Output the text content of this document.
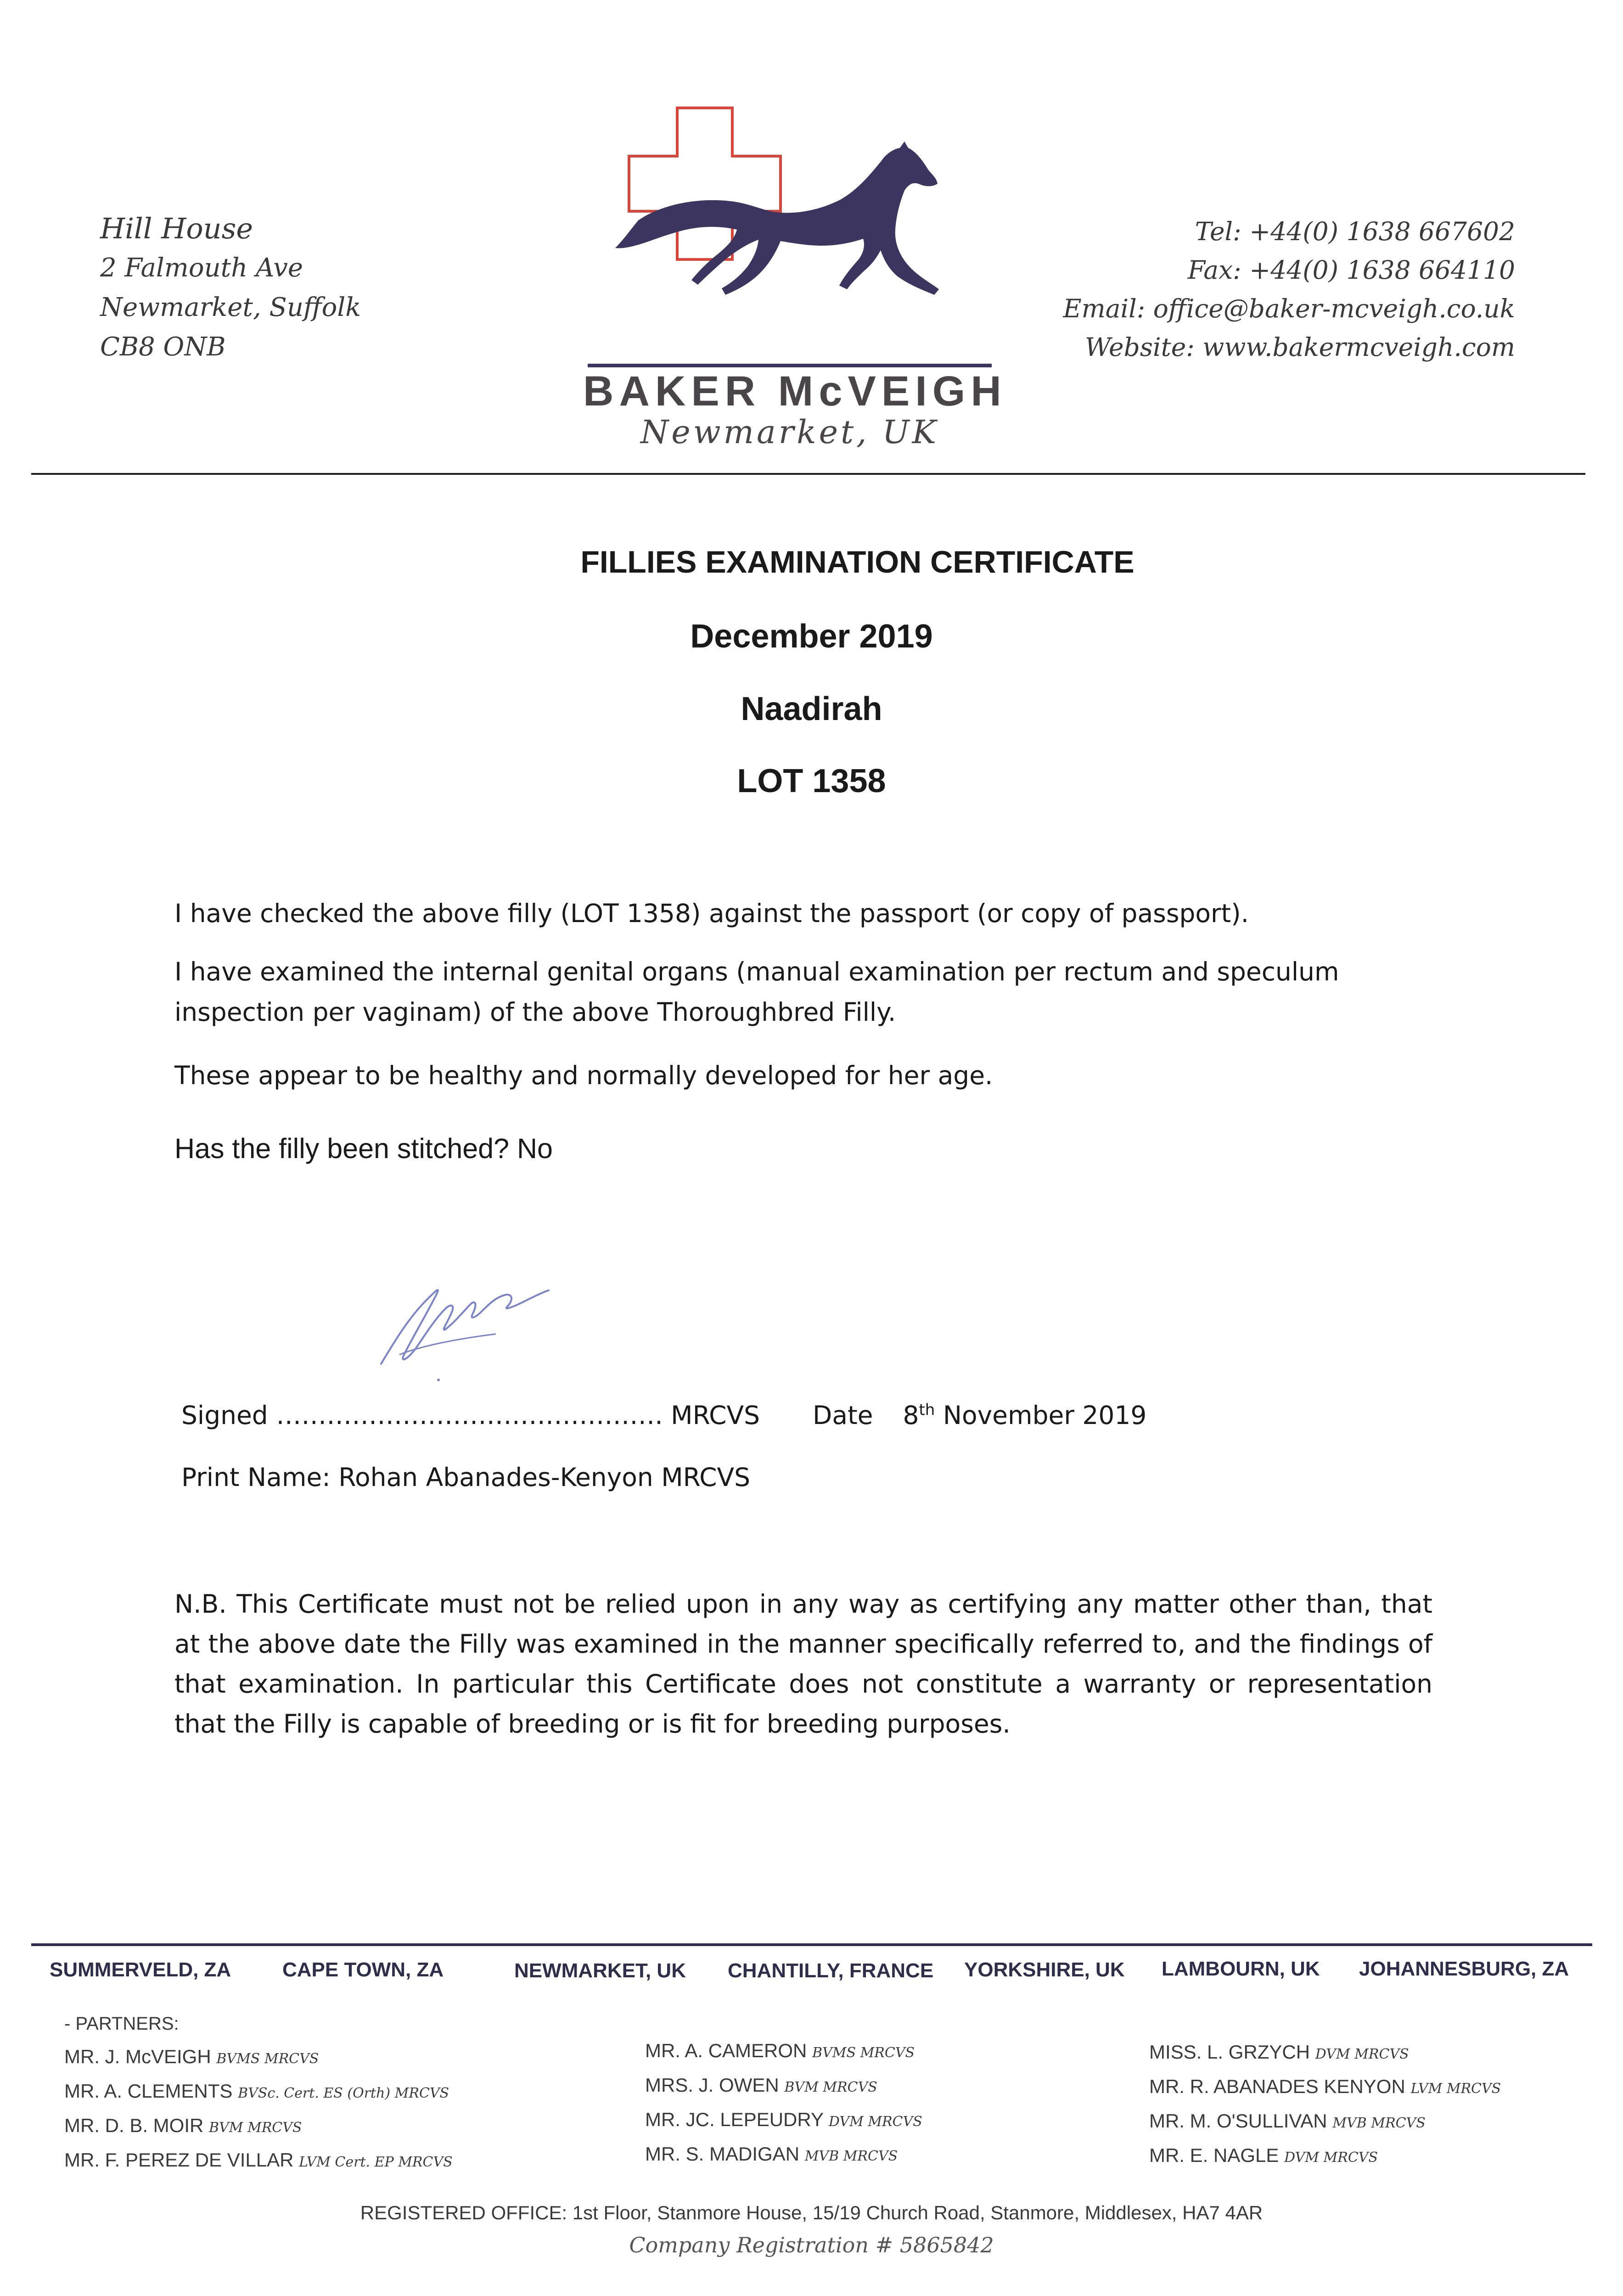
Hill House
2 Falmouth Ave
Newmarket, Suffolk
CB8 ONB
BAKER McVEIGH
Newmarket, UK
Tel: +44(0) 1638 667602
Fax: +44(0) 1638 664110
Email: office@baker-mcveigh.co.uk
Website: www.bakermcveigh.com
FILLIES EXAMINATION CERTIFICATE
December 2019
Naadirah
LOT 1358
I have checked the above filly (LOT 1358) against the passport (or copy of passport).
I have examined the internal genital organs (manual examination per rectum and speculum inspection per vaginam) of the above Thoroughbred Filly.
These appear to be healthy and normally developed for her age.
Has the filly been stitched? No
Signed ………………………………………. MRCVS Date 8th November 2019
Print Name: Rohan Abanades-Kenyon MRCVS
N.B. This Certificate must not be relied upon in any way as certifying any matter other than, that at the above date the Filly was examined in the manner specifically referred to, and the findings of that examination. In particular this Certificate does not constitute a warranty or representation that the Filly is capable of breeding or is fit for breeding purposes.
SUMMERVELD, ZA	CAPE TOWN, ZA	NEWMARKET, UK CHANTILLY, FRANCE YORKSHIRE, UK LAMBOURN, UK JOHANNESBURG, ZA
- PARTNERS:
MR. J. McVEIGH BVMS MRCVS
MR. A. CLEMENTS BVSc. Cert. ES (Orth) MRCVS
MR. D. B. MOIR BVM MRCVS
MR. F. PEREZ DE VILLAR LVM Cert. EP MRCVS
MR. A. CAMERON BVMS MRCVS
MRS. J. OWEN BVM MRCVS
MR. JC. LEPEUDRY DVM MRCVS
MR. S. MADIGAN MVB MRCVS
MISS. L. GRZYCH DVM MRCVS
MR. R. ABANADES KENYON LVM MRCVS
MR. M. O'SULLIVAN MVB MRCVS
MR. E. NAGLE DVM MRCVS
REGISTERED OFFICE: 1st Floor, Stanmore House, 15/19 Church Road, Stanmore, Middlesex, HA7 4AR
Company Registration # 5865842
